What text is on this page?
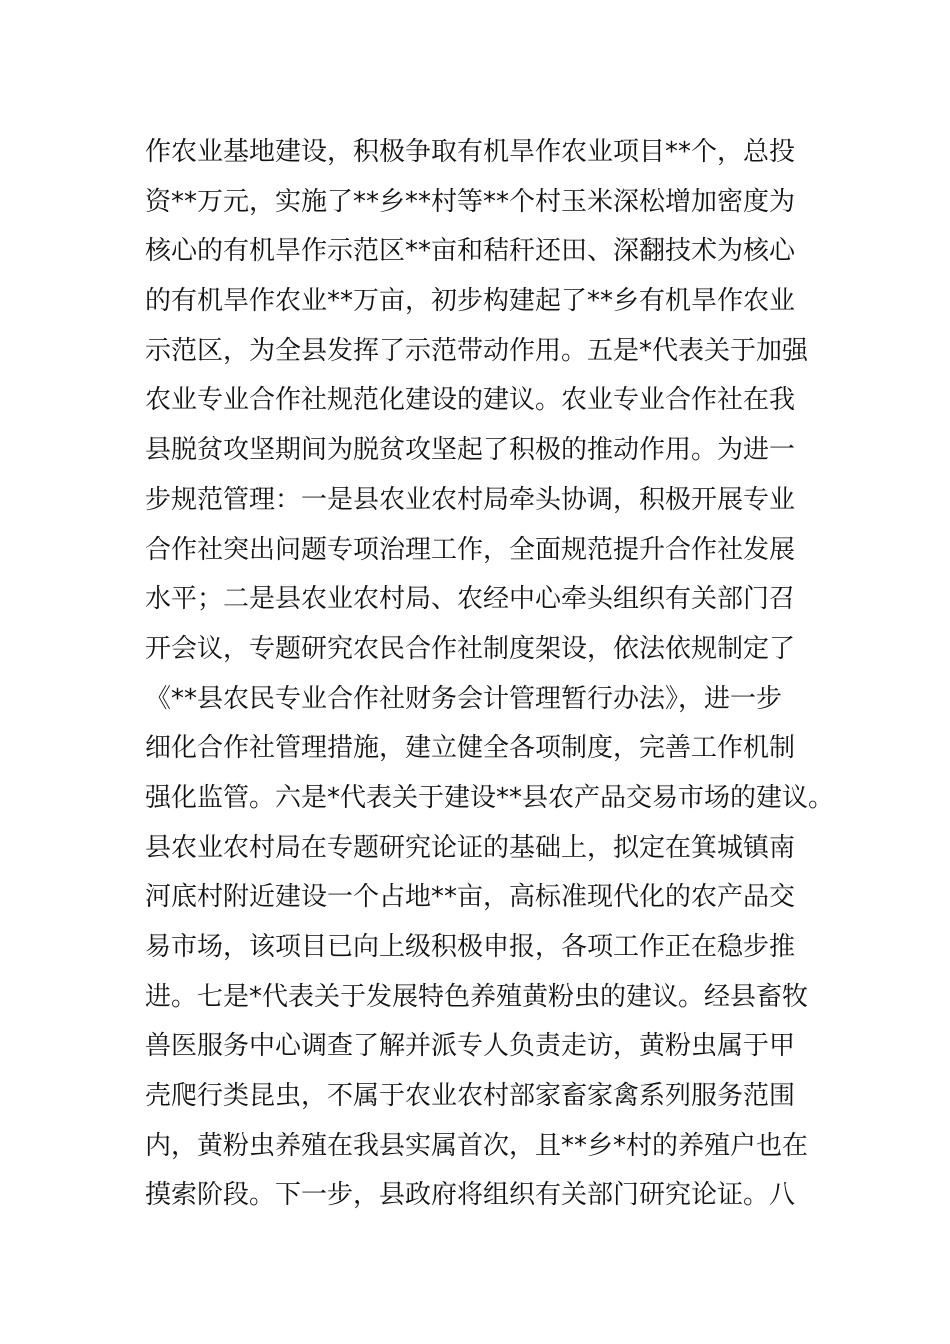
作农业基地建设，积极争取有机旱作农业项目**个，总投
资**万元，实施了**乡**村等**个村玉米深松增加密度为
核心的有机旱作示范区**亩和秸秆还田、深翻技术为核心
的有机旱作农业**万亩，初步构建起了**乡有机旱作农业
示范区，为全县发挥了示范带动作用。五是*代表关于加强
农业专业合作社规范化建设的建议。农业专业合作社在我
县脱贫攻坚期间为脱贫攻坚起了积极的推动作用。为进一
步规范管理：一是县农业农村局牵头协调，积极开展专业
合作社突出问题专项治理工作，全面规范提升合作社发展
水平；二是县农业农村局、农经中心牵头组织有关部门召
开会议，专题研究农民合作社制度架设，依法依规制定了
《**县农民专业合作社财务会计管理暂行办法》，进一步
细化合作社管理措施，建立健全各项制度，完善工作机制
强化监管。六是*代表关于建设**县农产品交易市场的建议。
县农业农村局在专题研究论证的基础上，拟定在箕城镇南
河底村附近建设一个占地**亩，高标准现代化的农产品交
易市场，该项目已向上级积极申报，各项工作正在稳步推
进。七是*代表关于发展特色养殖黄粉虫的建议。经县畜牧
兽医服务中心调查了解并派专人负责走访，黄粉虫属于甲
壳爬行类昆虫，不属于农业农村部家畜家禽系列服务范围
内，黄粉虫养殖在我县实属首次，且**乡*村的养殖户也在
摸索阶段。下一步，县政府将组织有关部门研究论证。八
